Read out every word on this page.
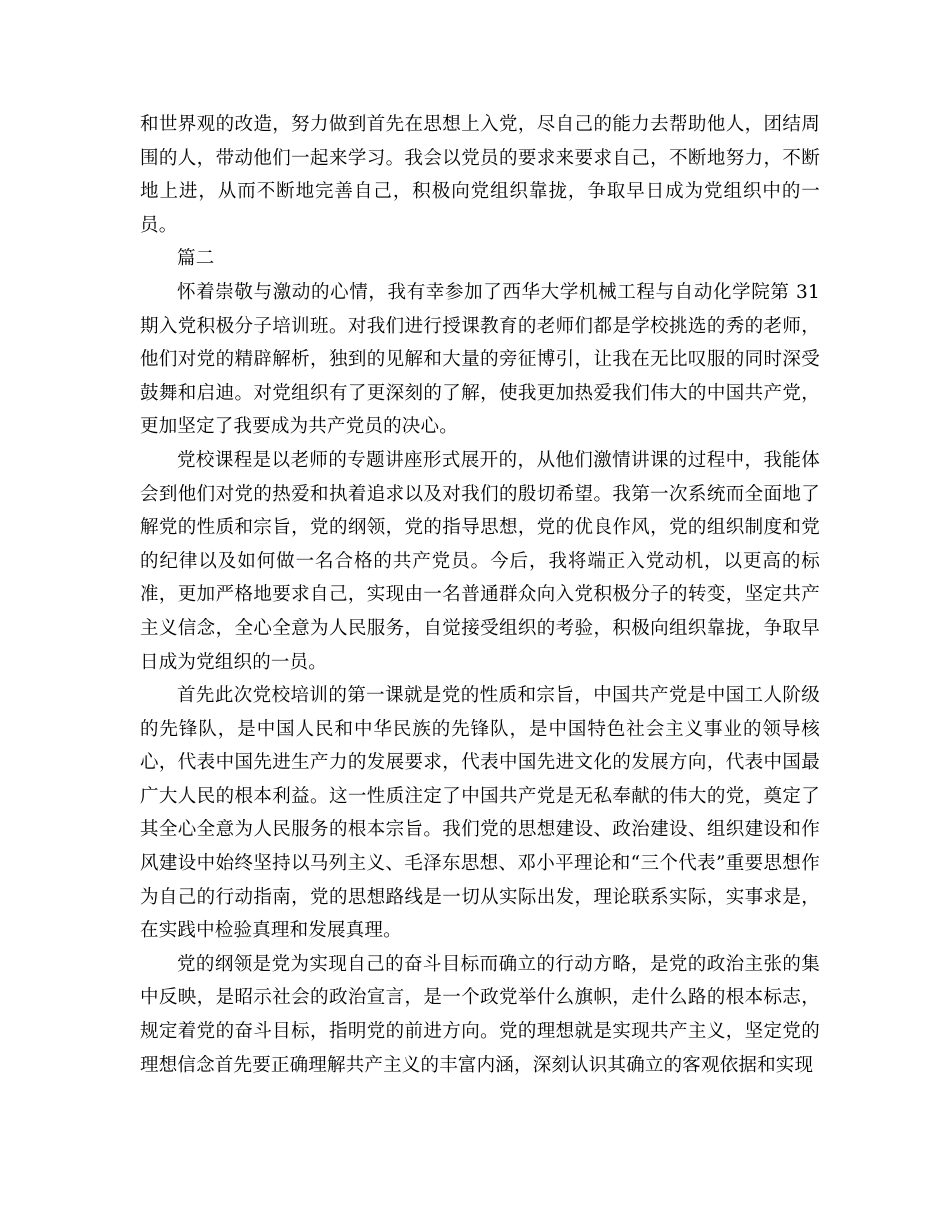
和世界观的改造，努力做到首先在思想上入党，尽自己的能力去帮助他人，团结周围的人，带动他们一起来学习。我会以党员的要求来要求自己，不断地努力，不断地上进，从而不断地完善自己，积极向党组织靠拢，争取早日成为党组织中的一员。

篇二

怀着崇敬与激动的心情，我有幸参加了西华大学机械工程与自动化学院第 31 期入党积极分子培训班。对我们进行授课教育的老师们都是学校挑选的秀的老师，他们对党的精辟解析，独到的见解和大量的旁征博引，让我在无比叹服的同时深受鼓舞和启迪。对党组织有了更深刻的了解，使我更加热爱我们伟大的中国共产党，更加坚定了我要成为共产党员的决心。

党校课程是以老师的专题讲座形式展开的，从他们激情讲课的过程中，我能体会到他们对党的热爱和执着追求以及对我们的殷切希望。我第一次系统而全面地了解党的性质和宗旨，党的纲领，党的指导思想，党的优良作风，党的组织制度和党的纪律以及如何做一名合格的共产党员。今后，我将端正入党动机，以更高的标准，更加严格地要求自己，实现由一名普通群众向入党积极分子的转变，坚定共产主义信念，全心全意为人民服务，自觉接受组织的考验，积极向组织靠拢，争取早日成为党组织的一员。

首先此次党校培训的第一课就是党的性质和宗旨，中国共产党是中国工人阶级的先锋队，是中国人民和中华民族的先锋队，是中国特色社会主义事业的领导核心，代表中国先进生产力的发展要求，代表中国先进文化的发展方向，代表中国最广大人民的根本利益。这一性质注定了中国共产党是无私奉献的伟大的党，奠定了其全心全意为人民服务的根本宗旨。我们党的思想建设、政治建设、组织建设和作风建设中始终坚持以马列主义、毛泽东思想、邓小平理论和“三个代表”重要思想作为自己的行动指南，党的思想路线是一切从实际出发，理论联系实际，实事求是，在实践中检验真理和发展真理。

党的纲领是党为实现自己的奋斗目标而确立的行动方略，是党的政治主张的集中反映，是昭示社会的政治宣言，是一个政党举什么旗帜，走什么路的根本标志，规定着党的奋斗目标，指明党的前进方向。党的理想就是实现共产主义，坚定党的理想信念首先要正确理解共产主义的丰富内涵，深刻认识其确立的客观依据和实现
